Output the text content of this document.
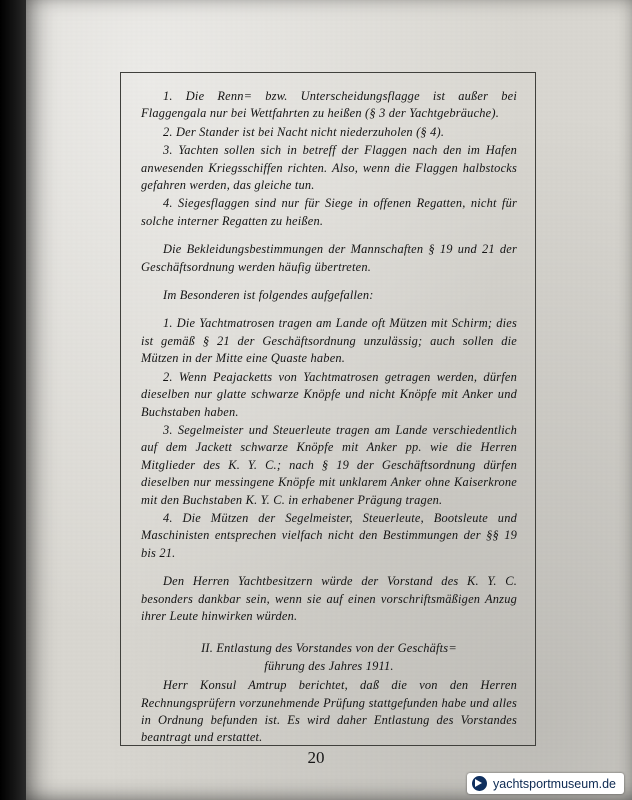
1. Die Renn= bzw. Unterscheidungsflagge ist außer bei Flaggengala nur bei Wettfahrten zu heißen (§ 3 der Yachtgebräuche).

2. Der Stander ist bei Nacht nicht niederzuholen (§ 4).

3. Yachten sollen sich in betreff der Flaggen nach den im Hafen anwesenden Kriegsschiffen richten. Also, wenn die Flaggen halbstocks gefahren werden, das gleiche tun.

4. Siegesflaggen sind nur für Siege in offenen Regatten, nicht für solche interner Regatten zu heißen.

Die Bekleidungsbestimmungen der Mannschaften § 19 und 21 der Geschäftsordnung werden häufig übertreten.

Im Besonderen ist folgendes aufgefallen:

1. Die Yachtmatrosen tragen am Lande oft Mützen mit Schirm; dies ist gemäß § 21 der Geschäftsordnung unzulässig; auch sollen die Mützen in der Mitte eine Quaste haben.

2. Wenn Peajacketts von Yachtmatrosen getragen werden, dürfen dieselben nur glatte schwarze Knöpfe und nicht Knöpfe mit Anker und Buchstaben haben.

3. Segelmeister und Steuerleute tragen am Lande verschiedentlich auf dem Jackett schwarze Knöpfe mit Anker pp. wie die Herren Mitglieder des K. Y. C.; nach § 19 der Geschäftsordnung dürfen dieselben nur messingene Knöpfe mit unklarem Anker ohne Kaiserkrone mit den Buchstaben K. Y. C. in erhabener Prägung tragen.

4. Die Mützen der Segelmeister, Steuerleute, Bootsleute und Maschinisten entsprechen vielfach nicht den Bestimmungen der §§ 19 bis 21.

Den Herren Yachtbesitzern würde der Vorstand des K. Y. C. besonders dankbar sein, wenn sie auf einen vorschriftsmäßigen Anzug ihrer Leute hinwirken würden.

II. Entlastung des Vorstandes von der Geschäfts=
führung des Jahres 1911.

Herr Konsul Amtrup berichtet, daß die von den Herren Rechnungsprüfern vorzunehmende Prüfung stattgefunden habe und alles in Ordnung befunden ist. Es wird daher Entlastung des Vorstandes beantragt und erstattet.

20
yachtsportmuseum.de
